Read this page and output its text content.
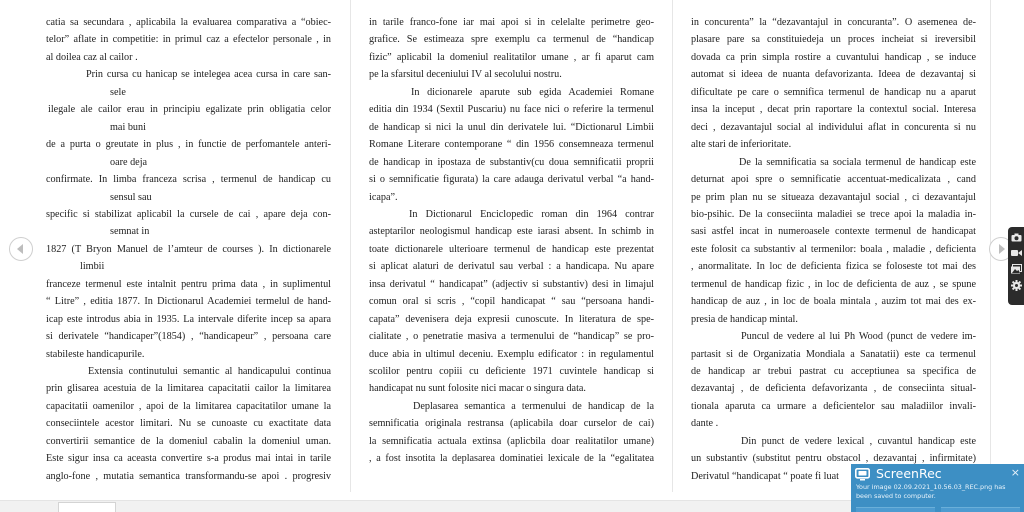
catia sa secundara , aplicabila la evaluarea comparativa a “obiec-
telor” aflate in competitie: in primul caz a efectelor personale , in
al doilea caz al cailor .
Prin cursa cu hanicap se intelegea acea cursa in care san-
sele
ilegale ale cailor erau in principiu egalizate prin obligatia celor
mai buni
de a purta o greutate in plus , in functie de perfomantele anteri-
oare deja
confirmate. In limba franceza scrisa , termenul de handicap cu
sensul sau
specific si stabilizat aplicabil la cursele de cai , apare deja con-
semnat in
1827 (T Bryon Manuel de l’amteur de courses ). In dictionarele
limbii
franceze termenul este intalnit pentru prima data , in suplimentul
“ Litre” , editia 1877. In Dictionarul Academiei termelul de hand-
icap este introdus abia in 1935. La intervale diferite incep sa apara
si derivatele “handicaper”(1854) , “handicapeur” , persoana care
stabileste handicapurile.
Extensia continutului semantic al handicapului continua
prin glisarea acestuia de la limitarea capacitatii cailor la limitarea
capacitatii oamenilor , apoi de la limitarea capacitatilor umane la
conseciintele acestor limitari. Nu se cunoaste cu exactitate data
convertirii semantice de la domeniul cabalin la domeniul uman.
Este sigur insa ca aceasta convertire s-a produs mai intai in tarile
anglo-fone , mutatia semantica transformandu-se apoi . progresiv
in tarile franco-fone iar mai apoi si in celelalte perimetre geo-
grafice. Se estimeaza spre exemplu ca termenul de “handicap
fizic” aplicabil la domeniul realitatilor umane , ar fi aparut cam
pe la sfarsitul deceniului IV al secolului nostru.
In dicionarele aparute sub egida Academiei Romane
editia din 1934 (Sextil Puscariu) nu face nici o referire la termenul
de handicap si nici la unul din derivatele lui. “Dictionarul Limbii
Romane Literare contemporane “ din 1956 consemneaza termenul
de handicap in ipostaza de substantiv(cu doua semnificatii proprii
si o semnificatie figurata) la care adauga derivatul verbal “a hand-
icapa”.
In Dictionarul Enciclopedic roman din 1964 contrar
asteptarilor neologismul handicap este iarasi absent. In schimb in
toate dictionarele ulterioare termenul de handicap este prezentat
si aplicat alaturi de derivatul sau verbal : a handicapa. Nu apare
insa derivatul “ handicapat” (adjectiv si substantiv) desi in limajul
comun oral si scris , “copil handicapat “ sau “persoana handi-
capata” devenisera deja expresii cunoscute. In literatura de spe-
cialitate , o penetratie masiva a termenului de “handicap” se pro-
duce abia in ultimul deceniu. Exemplu edificator : in regulamentul
scolilor pentru copiii cu deficiente 1971 cuvintele handicap si
handicapat nu sunt folosite nici macar o singura data.
Deplasarea semantica a termenului de handicap de la
semnificatia originala restransa (aplicabila doar curselor de cai)
la semnificatia actuala extinsa (aplicbila doar realitatilor umane)
, a fost insotita la deplasarea dominatiei lexicale de la “egalitatea
in concurenta” la “dezavantajul in concuranta”. O asemenea de-
plasare pare sa constituiedeja un proces incheiat si ireversibil
dovada ca prin simpla rostire a cuvantului handicap , se induce
automat si ideea de nuanta defavorizanta. Ideea de dezavantaj si
dificultate pe care o semnifica termenul de handicap nu a aparut
insa la inceput , decat prin raportare la contextul social. Interesa
deci , dezavantajul social al individului aflat in concurenta si nu
alte stari de inferioritate.
De la semnificatia sa sociala termenul de handicap este
deturnat apoi spre o semnificatie accentuat-medicalizata , cand
pe prim plan nu se situeaza dezavantajul social , ci dezavantajul
bio-psihic. De la conseciinta maladiei se trece apoi la maladia in-
sasi astfel incat in numeroasele contexte termenul de handicapat
este folosit ca substantiv al termenilor: boala , maladie , deficienta
, anormalitate. In loc de deficienta fizica se foloseste tot mai des
termenul de handicap fizic , in loc de deficienta de auz , se spune
handicap de auz , in loc de boala mintala , auzim tot mai des ex-
presia de handicap mintal.
Puncul de vedere al lui Ph Wood (punct de vedere im-
partasit si de Organizatia Mondiala a Sanatatii) este ca termenul
de handicap ar trebui pastrat cu acceptiunea sa specifica de
dezavantaj , de deficienta defavorizanta , de conseciinta situal-
tionala aparuta ca urmare a deficientelor sau maladiilor invali-
dante .
Din punct de vedere lexical , cuvantul handicap este
un substantiv (substitut pentru obstacol , dezavantaj , infirmitate)
Derivatul “handicapat “ poate fi luat	ScreenRec	×
Your image 02.09.2021_10.56.03_REC.png has been saved to computer.
